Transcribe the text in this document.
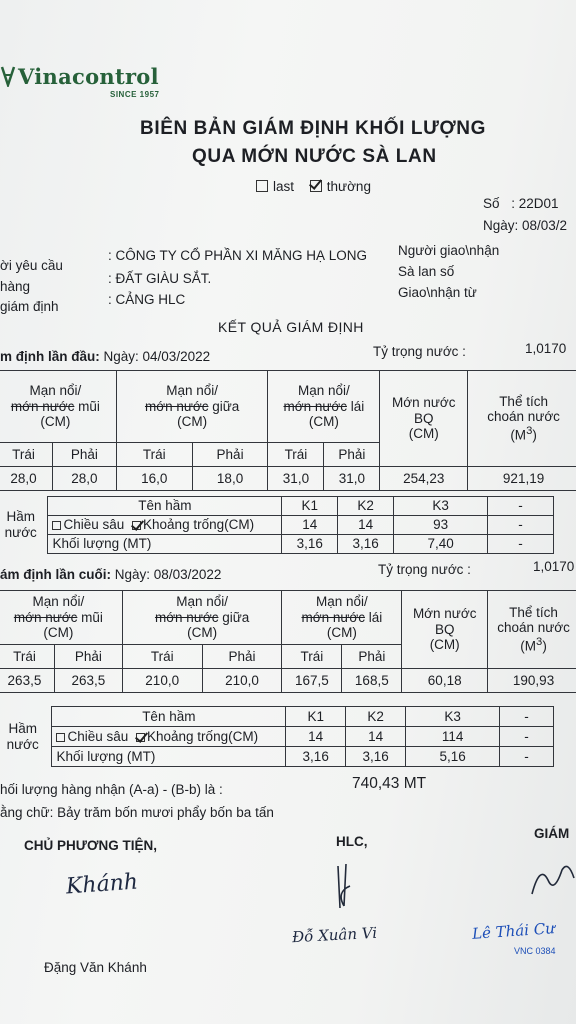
Vinacontrol
SINCE 1957
BIÊN BẢN GIÁM ĐỊNH KHỐI LƯỢNG
QUA MỚN NƯỚC SÀ LAN
last thường
Số : 22D01
Ngày: 08/03/2
ời yêu cầu
hàng
giám định
: CÔNG TY CỔ PHẦN XI MĂNG HẠ LONG
: ĐẤT GIÀU SẮT.
: CẢNG HLC
Người giao\nhận
Sà lan số
Giao\nhận từ
KẾT QUẢ GIÁM ĐỊNH
m định lần đầu: Ngày: 04/03/2022	Tỷ trọng nước :	1,0170
Mạn nổi/
mớn nước mũi
(CM)		Mạn nổi/
mớn nước giữa
(CM)		Mạn nổi/
mớn nước lái
(CM)		Mớn nước
BQ
(CM)	Thể tích
choán nước
$(M^3)$
Trái	Phải	Trái	Phải	Trái	Phải		
28,0	28,0	16,0	18,0	31,0	31,0	254,23	921,19
Hầm
nước	Tên hầm	K1	K2	K3	-
	Chiều sâu Khoảng trống(CM)	14	14	93	-
	Khối lượng (MT)	3,16	3,16	7,40	-
ám định lần cuối: Ngày: 08/03/2022	Tỷ trọng nước :	1,0170
Mạn nổi/
mớn nước mũi
(CM)		Mạn nổi/
mớn nước giữa
(CM)		Mạn nổi/
mớn nước lái
(CM)		Mớn nước
BQ
(CM)	Thể tích
choán nước
$(M^3)$
Trái	Phải	Trái	Phải	Trái	Phải		
263,5	263,5	210,0	210,0	167,5	168,5	60,18	190,93
Hầm
nước	Tên hầm	K1	K2	K3	-
	Chiều sâu Khoảng trống(CM)	14	14	114	-
	Khối lượng (MT)	3,16	3,16	5,16	-
hối lượng hàng nhận (A-a) - (B-b) là :	740,43 MT
ằng chữ: Bảy trăm bốn mươi phẩy bốn ba tấn
CHỦ PHƯƠNG TIỆN,	HLC,
GIÁM
Khánh
Đỗ Xuân Vi	Lê Thái Cư
VNC 0384
Đặng Văn Khánh
